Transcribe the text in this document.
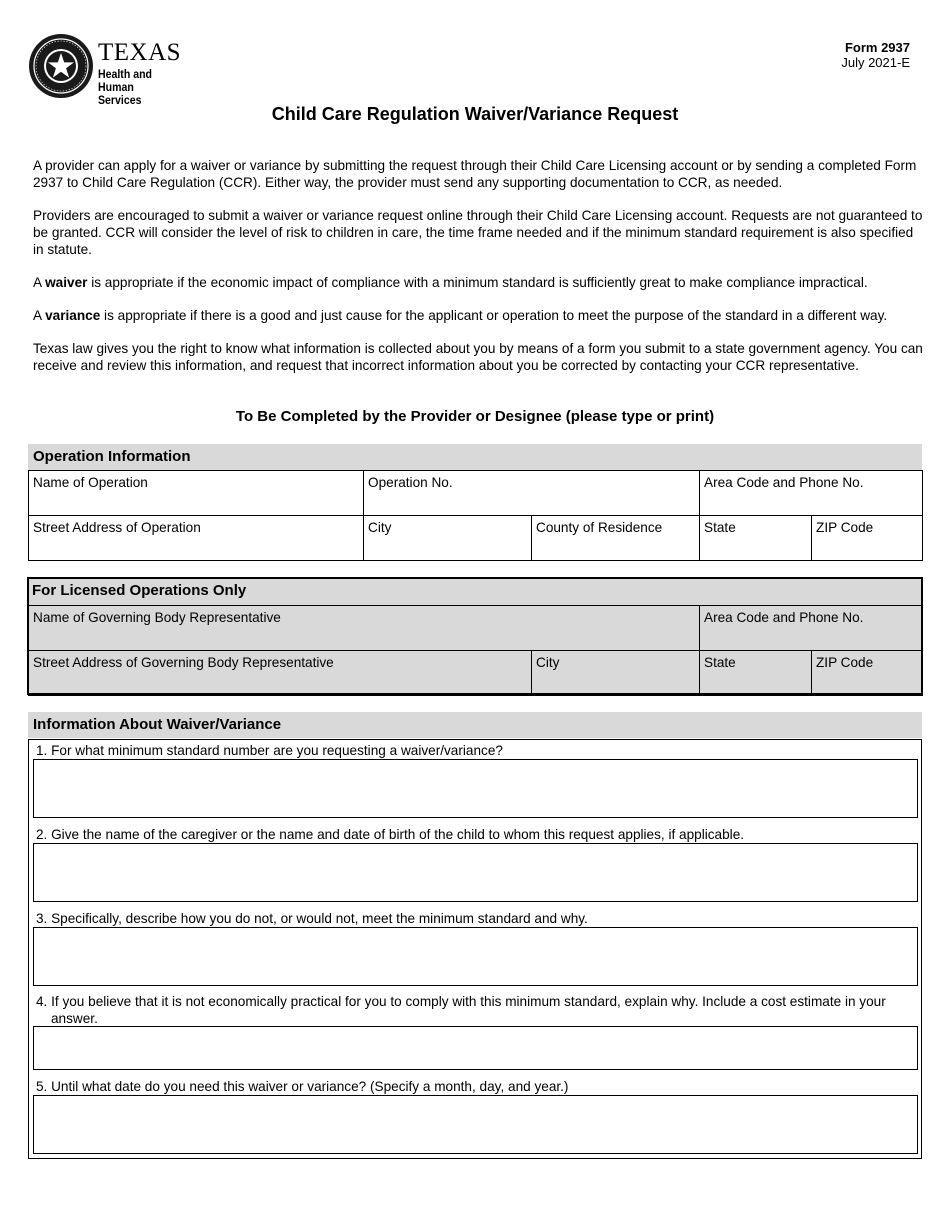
TEXAS
Health and Human
Services
Form 2937
July 2021-E
Child Care Regulation Waiver/Variance Request

A provider can apply for a waiver or variance by submitting the request through their Child Care Licensing account or by sending a completed Form 2937 to Child Care Regulation (CCR). Either way, the provider must send any supporting documentation to CCR, as needed.

Providers are encouraged to submit a waiver or variance request online through their Child Care Licensing account. Requests are not guaranteed to be granted. CCR will consider the level of risk to children in care, the time frame needed and if the minimum standard requirement is also specified in statute.

A waiver is appropriate if the economic impact of compliance with a minimum standard is sufficiently great to make compliance impractical.

A variance is appropriate if there is a good and just cause for the applicant or operation to meet the purpose of the standard in a different way.

Texas law gives you the right to know what information is collected about you by means of a form you submit to a state government agency. You can receive and review this information, and request that incorrect information about you be corrected by contacting your CCR representative.

To Be Completed by the Provider or Designee (please type or print)
Operation Information
Name of Operation	Operation No.		Area Code and Phone No.	
Street Address of Operation	City	County of Residence	State	ZIP Code
For Licensed Operations Only
Name of Governing Body Representative		Area Code and Phone No.	
Street Address of Governing Body Representative	City	State	ZIP Code
Information About Waiver/Variance
1. For what minimum standard number are you requesting a waiver/variance?
2. Give the name of the caregiver or the name and date of birth of the child to whom this request applies, if applicable.
3. Specifically, describe how you do not, or would not, meet the minimum standard and why.
4. If you believe that it is not economically practical for you to comply with this minimum standard, explain why. Include a cost estimate in your answer.
5. Until what date do you need this waiver or variance? (Specify a month, day, and year.)
